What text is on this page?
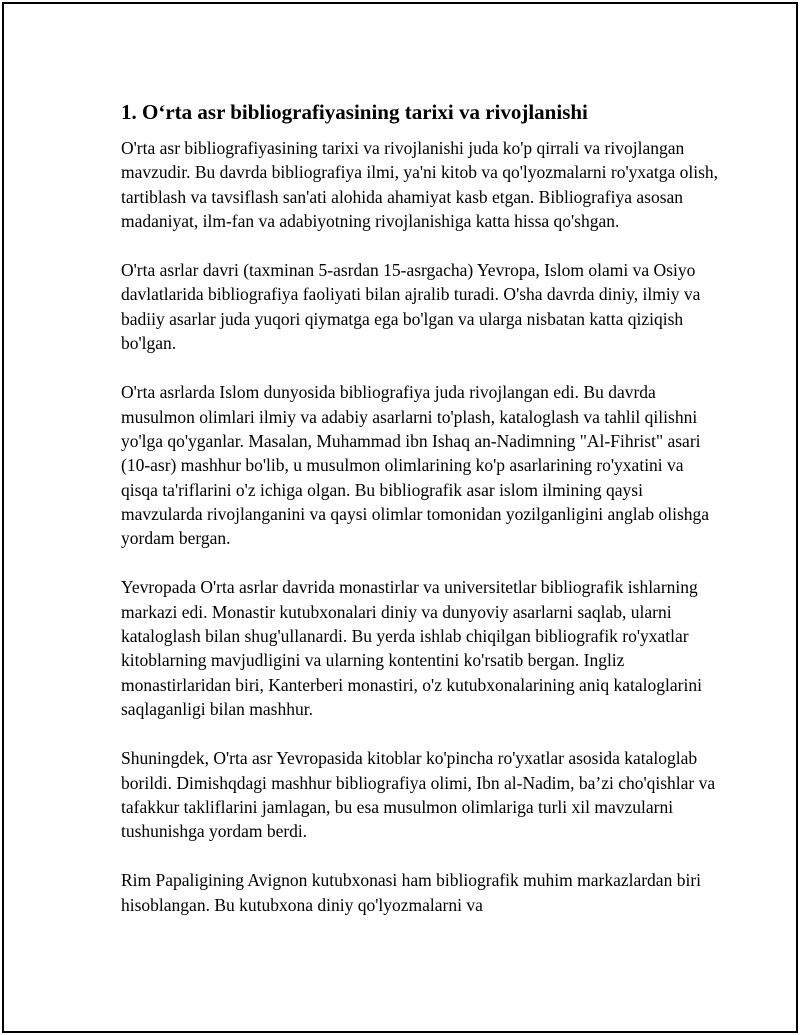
1. O‘rta asr bibliografiyasining tarixi va rivojlanishi

O'rta asr bibliografiyasining tarixi va rivojlanishi juda ko'p qirrali va rivojlangan mavzudir. Bu davrda bibliografiya ilmi, ya'ni kitob va qo'lyozmalarni ro'yxatga olish, tartiblash va tavsiflash san'ati alohida ahamiyat kasb etgan. Bibliografiya asosan madaniyat, ilm-fan va adabiyotning rivojlanishiga katta hissa qo'shgan.

O'rta asrlar davri (taxminan 5-asrdan 15-asrgacha) Yevropa, Islom olami va Osiyo davlatlarida bibliografiya faoliyati bilan ajralib turadi. O'sha davrda diniy, ilmiy va badiiy asarlar juda yuqori qiymatga ega bo'lgan va ularga nisbatan katta qiziqish bo'lgan.

O'rta asrlarda Islom dunyosida bibliografiya juda rivojlangan edi. Bu davrda musulmon olimlari ilmiy va adabiy asarlarni to'plash, kataloglash va tahlil qilishni yo'lga qo'yganlar. Masalan, Muhammad ibn Ishaq an-Nadimning "Al-Fihrist" asari (10-asr) mashhur bo'lib, u musulmon olimlarining ko'p asarlarining ro'yxatini va qisqa ta'riflarini o'z ichiga olgan. Bu bibliografik asar islom ilmining qaysi mavzularda rivojlanganini va qaysi olimlar tomonidan yozilganligini anglab olishga yordam bergan.

Yevropada O'rta asrlar davrida monastirlar va universitetlar bibliografik ishlarning markazi edi. Monastir kutubxonalari diniy va dunyoviy asarlarni saqlab, ularni kataloglash bilan shug'ullanardi. Bu yerda ishlab chiqilgan bibliografik ro'yxatlar kitoblarning mavjudligini va ularning kontentini ko'rsatib bergan. Ingliz monastirlaridan biri, Kanterberi monastiri, o'z kutubxonalarining aniq kataloglarini saqlaganligi bilan mashhur.

Shuningdek, O'rta asr Yevropasida kitoblar ko'pincha ro'yxatlar asosida kataloglab borildi. Dimishqdagi mashhur bibliografiya olimi, Ibn al-Nadim, ba’zi cho'qishlar va tafakkur takliflarini jamlagan, bu esa musulmon olimlariga turli xil mavzularni tushunishga yordam berdi.

Rim Papaligining Avignon kutubxonasi ham bibliografik muhim markazlardan biri hisoblangan. Bu kutubxona diniy qo'lyozmalarni va
